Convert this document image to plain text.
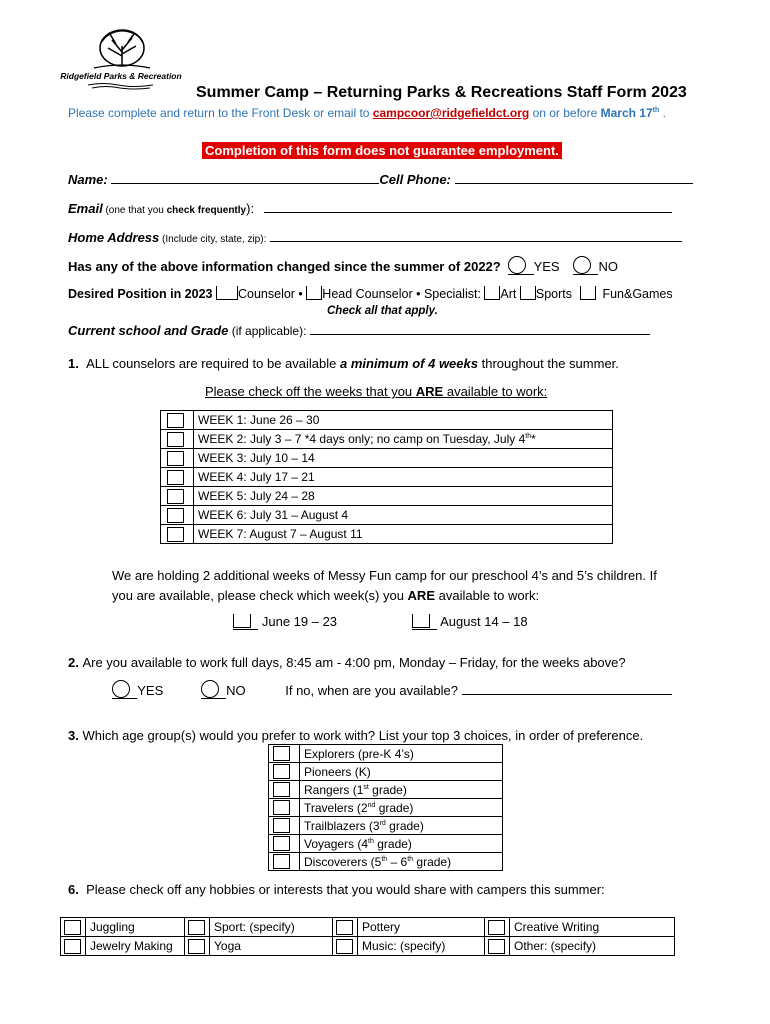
Ridgefield Parks & Recreation
Summer Camp – Returning Parks & Recreations Staff Form 2023
Please complete and return to the Front Desk or email to campcoor@ridgefieldct.org on or before March 17th .
Completion of this form does not guarantee employment.
Name:	Cell Phone:
Email (one that you check frequently):
Home Address (Include city, state, zip):
Has any of the above information changed since the summer of 2022?	YES	NO
Desired Position in 2023 Counselor • Head Counselor • Specialist: Art Sports Fun&Games
Check all that apply.
Current school and Grade (if applicable):
1. ALL counselors are required to be available a minimum of 4 weeks throughout the summer.
Please check off the weeks that you ARE available to work:
	WEEK 1: June 26 – 30

	WEEK 2: July 3 – 7 *4 days only; no camp on Tuesday, July 4th*

	WEEK 3: July 10 – 14

	WEEK 4: July 17 – 21

	WEEK 5: July 24 – 28

	WEEK 6: July 31 – August 4

	WEEK 7: August 7 – August 11
We are holding 2 additional weeks of Messy Fun camp for our preschool 4’s and 5’s children. If
you are available, please check which week(s) you ARE available to work:
June 19 – 23	August 14 – 18
2. Are you available to work full days, 8:45 am - 4:00 pm, Monday – Friday, for the weeks above?
YES	NO	If no, when are you available?
3. Which age group(s) would you prefer to work with? List your top 3 choices, in order of preference.
	Explorers (pre-K 4’s)

	Pioneers (K)

	Rangers (1st grade)

	Travelers (2nd grade)

	Trailblazers (3rd grade)

	Voyagers (4th grade)

	Discoverers (5th – 6th grade)
6. Please check off any hobbies or interests that you would share with campers this summer:
	Juggling		Sport: (specify)		Pottery		Creative Writing

	Jewelry Making		Yoga		Music: (specify)		Other: (specify)
